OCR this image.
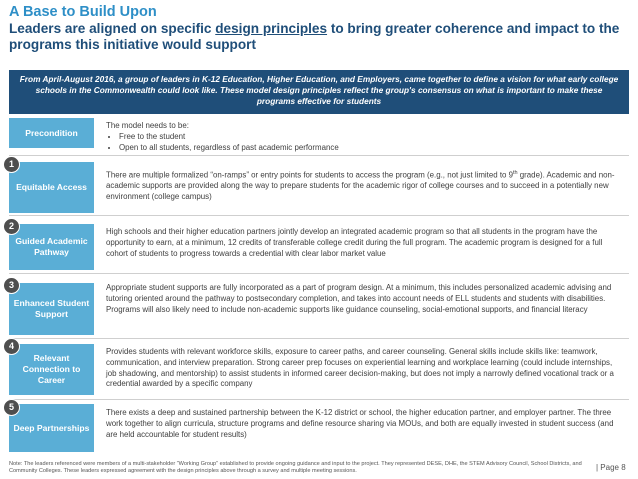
A Base to Build Upon
Leaders are aligned on specific design principles to bring greater coherence and impact to the programs this initiative would support
From April-August 2016, a group of leaders in K-12 Education, Higher Education, and Employers, came together to define a vision for what early college schools in the Commonwealth could look like. These model design principles reflect the group's consensus on what is important to make these programs effective for students
Precondition
The model needs to be:
• Free to the student
• Open to all students, regardless of past academic performance
Equitable Access
There are multiple formalized “on-ramps” or entry points for students to access the program (e.g., not just limited to 9th grade). Academic and non-academic supports are provided along the way to prepare students for the academic rigor of college courses and to succeed in a potentially new environment (college campus)
1
Guided Academic Pathway
High schools and their higher education partners jointly develop an integrated academic program so that all students in the program have the opportunity to earn, at a minimum, 12 credits of transferable college credit during the full program. The academic program is designed for a full cohort of students to progress towards a credential with clear labor market value
2
Enhanced Student Support
Appropriate student supports are fully incorporated as a part of program design. At a minimum, this includes personalized academic advising and tutoring oriented around the pathway to postsecondary completion, and takes into account needs of ELL students and students with disabilities. Programs will also likely need to include non-academic supports like guidance counseling, social-emotional supports, and financial literacy
3
Relevant Connection to Career
Provides students with relevant workforce skills, exposure to career paths, and career counseling. General skills include skills like: teamwork, communication, and interview preparation. Strong career prep focuses on experiential learning and workplace learning (could include internships, job shadowing, and mentorship) to assist students in informed career decision-making, but does not imply a narrowly defined vocational track or a credential awarded by a specific company
4
Deep Partnerships
There exists a deep and sustained partnership between the K-12 district or school, the higher education partner, and employer partner. The three work together to align curricula, structure programs and define resource sharing via MOUs, and both are equally invested in student success (and are held accountable for student results)
5
Note: The leaders referenced were members of a multi-stakeholder “Working Group” established to provide ongoing guidance and input to the project. They represented DESE, DHE, the STEM Advisory Council, School Districts, and Community Colleges. These leaders expressed agreement with the design principles above through a survey and multiple meeting sessions.	| Page 8
